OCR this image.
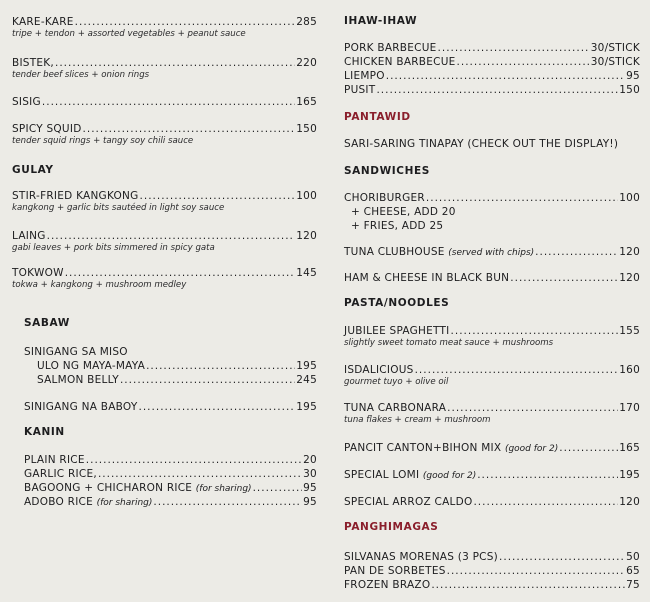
KARE-KARE .....	285
tripe + tendon + assorted vegetables + peanut sauce
BISTEK, .....	220
tender beef slices + onion rings
SISIG .....	165
SPICY SQUID .....	150
tender squid rings + tangy soy chili sauce
GULAY
STIR-FRIED KANGKONG .....	100
kangkong + garlic bits sautéed in light soy sauce
LAING .....	120
gabi leaves + pork bits simmered in spicy gata
TOKWOW .....	145
tokwa + kangkong + mushroom medley
SABAW
SINIGANG SA MISO
ULO NG MAYA-MAYA .....	195
SALMON BELLY .....	245
SINIGANG NA BABOY .....	195
KANIN
PLAIN RICE .....	20
GARLIC RICE, .....	30
BAGOONG + CHICHARON RICE (for sharing) .....	95
ADOBO RICE (for sharing) .....	95
IHAW-IHAW
PORK BARBECUE .....	30/STICK
CHICKEN BARBECUE .....	30/STICK
LIEMPO .....	95
PUSIT .....	150
PANTAWID
SARI-SARING TINAPAY (CHECK OUT THE DISPLAY!)
SANDWICHES
CHORIBURGER .....	100
+ CHEESE, ADD 20
+ FRIES, ADD 25
TUNA CLUBHOUSE (served with chips) .....	120
HAM & CHEESE IN BLACK BUN .....	120
PASTA/NOODLES
JUBILEE SPAGHETTI .....	155
slightly sweet tomato meat sauce + mushrooms
ISDALICIOUS .....	160
gourmet tuyo + olive oil
TUNA CARBONARA .....	170
tuna flakes + cream + mushroom
PANCIT CANTON+BIHON MIX (good for 2) .....	165
SPECIAL LOMI (good for 2) .....	195
SPECIAL ARROZ CALDO .....	120
PANGHIMAGAS
SILVANAS MORENAS (3 PCS) .....	50
PAN DE SORBETES .....	65
FROZEN BRAZO .....	75
